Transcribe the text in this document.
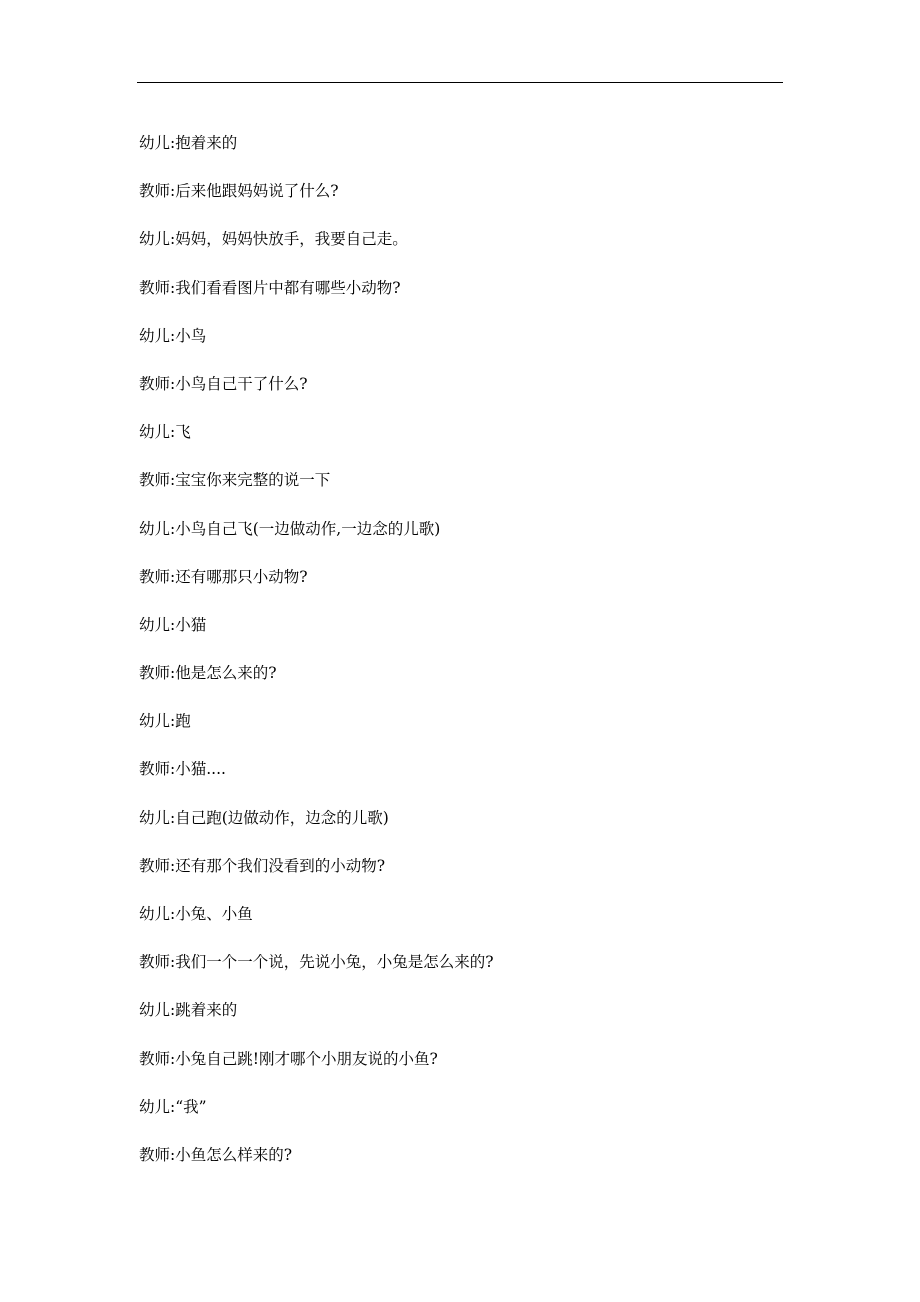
幼儿 : 抱着来的
教师 : 后来他跟妈妈说了什么?
幼儿 : 妈妈，妈妈快放手，我要自己走。
教师 : 我们看看图片中都有哪些小动物?
幼儿 : 小鸟
教师 : 小鸟自己干了什么?
幼儿 : 飞
教师 : 宝宝你来完整的说一下
幼儿 : 小鸟自己飞(一边做动作,一边念的儿歌)
教师 : 还有哪那只小动物?
幼儿 : 小猫
教师 : 他是怎么来的?
幼儿 : 跑
教师 : 小猫....
幼儿 : 自己跑(边做动作，边念的儿歌)
教师 : 还有那个我们没看到的小动物?
幼儿 : 小兔、小鱼
教师 : 我们一个一个说，先说小兔，小兔是怎么来的?
幼儿 : 跳着来的
教师 : 小兔自己跳!刚才哪个小朋友说的小鱼?
幼儿 : “我”
教师 : 小鱼怎么样来的?
